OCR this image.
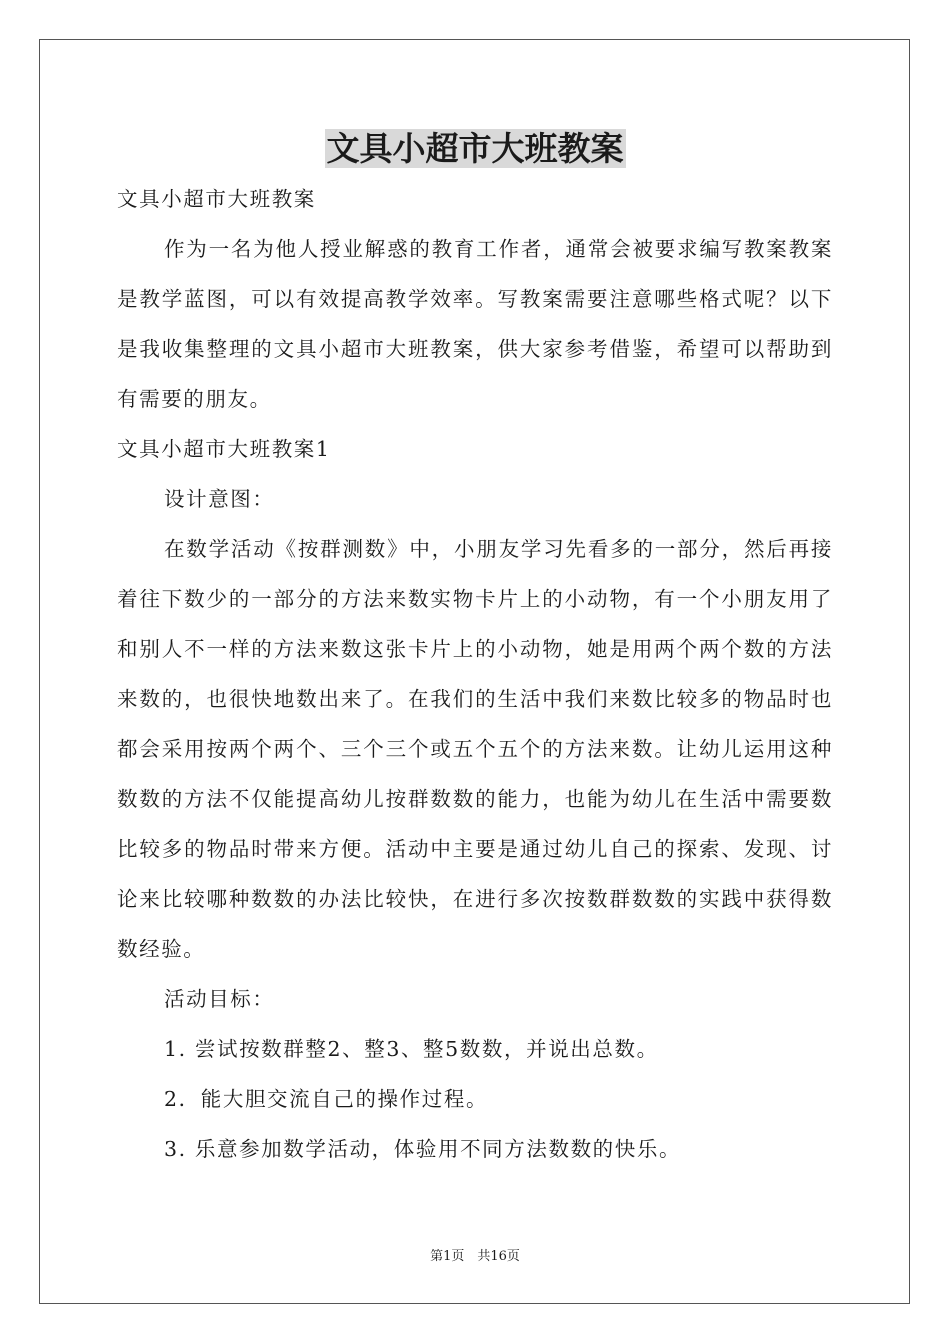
文具小超市大班教案

文具小超市大班教案

作为一名为他人授业解惑的教育工作者，通常会被要求编写教案教案是教学蓝图，可以有效提高教学效率。写教案需要注意哪些格式呢？以下是我收集整理的文具小超市大班教案，供大家参考借鉴，希望可以帮助到有需要的朋友。

文具小超市大班教案1

设计意图：

在数学活动《按群测数》中，小朋友学习先看多的一部分，然后再接着往下数少的一部分的方法来数实物卡片上的小动物，有一个小朋友用了和别人不一样的方法来数这张卡片上的小动物，她是用两个两个数的方法来数的，也很快地数出来了。在我们的生活中我们来数比较多的物品时也都会采用按两个两个、三个三个或五个五个的方法来数。让幼儿运用这种数数的方法不仅能提高幼儿按群数数的能力，也能为幼儿在生活中需要数比较多的物品时带来方便。活动中主要是通过幼儿自己的探索、发现、讨论来比较哪种数数的办法比较快，在进行多次按数群数数的实践中获得数数经验。

活动目标：

1. 尝试按数群整2、整3、整5数数，并说出总数。

2．能大胆交流自己的操作过程。

3. 乐意参加数学活动，体验用不同方法数数的快乐。

第1页　共16页
